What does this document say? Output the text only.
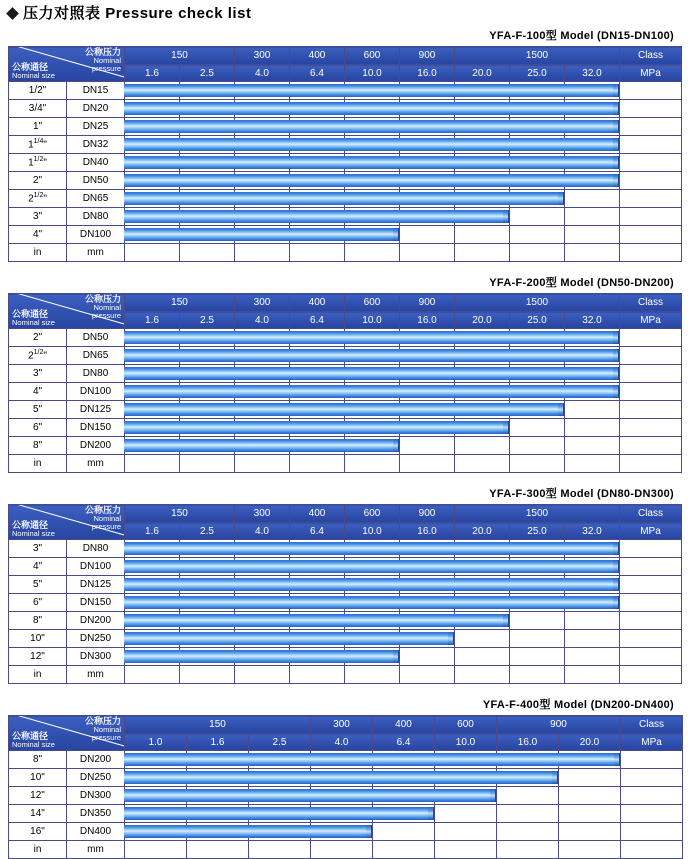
压力对照表 Pressure check list
YFA-F-100型 Model (DN15-DN100)
公称压力
Nominal
pressure
公称通径
Nominal size		150		300	400	600	900	1500			Class
		1.6	2.5	4.0	6.4	10.0	16.0	20.0	25.0	32.0	MPa
1/2"	DN15	

3/4"	DN20	

1"	DN25	

$1^{1/4}$"	DN32	

$1^{1/2}$"	DN40	

2"	DN50	

$2^{1/2}$"	DN65	

3"	DN80	

4"	DN100	

in	mm										
YFA-F-200型 Model (DN50-DN200)
公称压力
Nominal
pressure
公称通径
Nominal size		150		300	400	600	900	1500			Class
		1.6	2.5	4.0	6.4	10.0	16.0	20.0	25.0	32.0	MPa
2"	DN50	

$2^{1/2}$"	DN65	

3"	DN80	

4"	DN100	

5"	DN125	

6"	DN150	

8"	DN200	

in	mm										
YFA-F-300型 Model (DN80-DN300)
公称压力
Nominal
pressure
公称通径
Nominal size		150		300	400	600	900	1500			Class
		1.6	2.5	4.0	6.4	10.0	16.0	20.0	25.0	32.0	MPa
3"	DN80	

4"	DN100	

5"	DN125	

6"	DN150	

8"	DN200	

10"	DN250	

12"	DN300	

in	mm										
YFA-F-400型 Model (DN200-DN400)
公称压力
Nominal
pressure
公称通径
Nominal size		150			300	400	600	900		Class
		1.0	1.6	2.5	4.0	6.4	10.0	16.0	20.0	MPa
8"	DN200	

10"	DN250	

12"	DN300	

14"	DN350	

16"	DN400	

in	mm									
